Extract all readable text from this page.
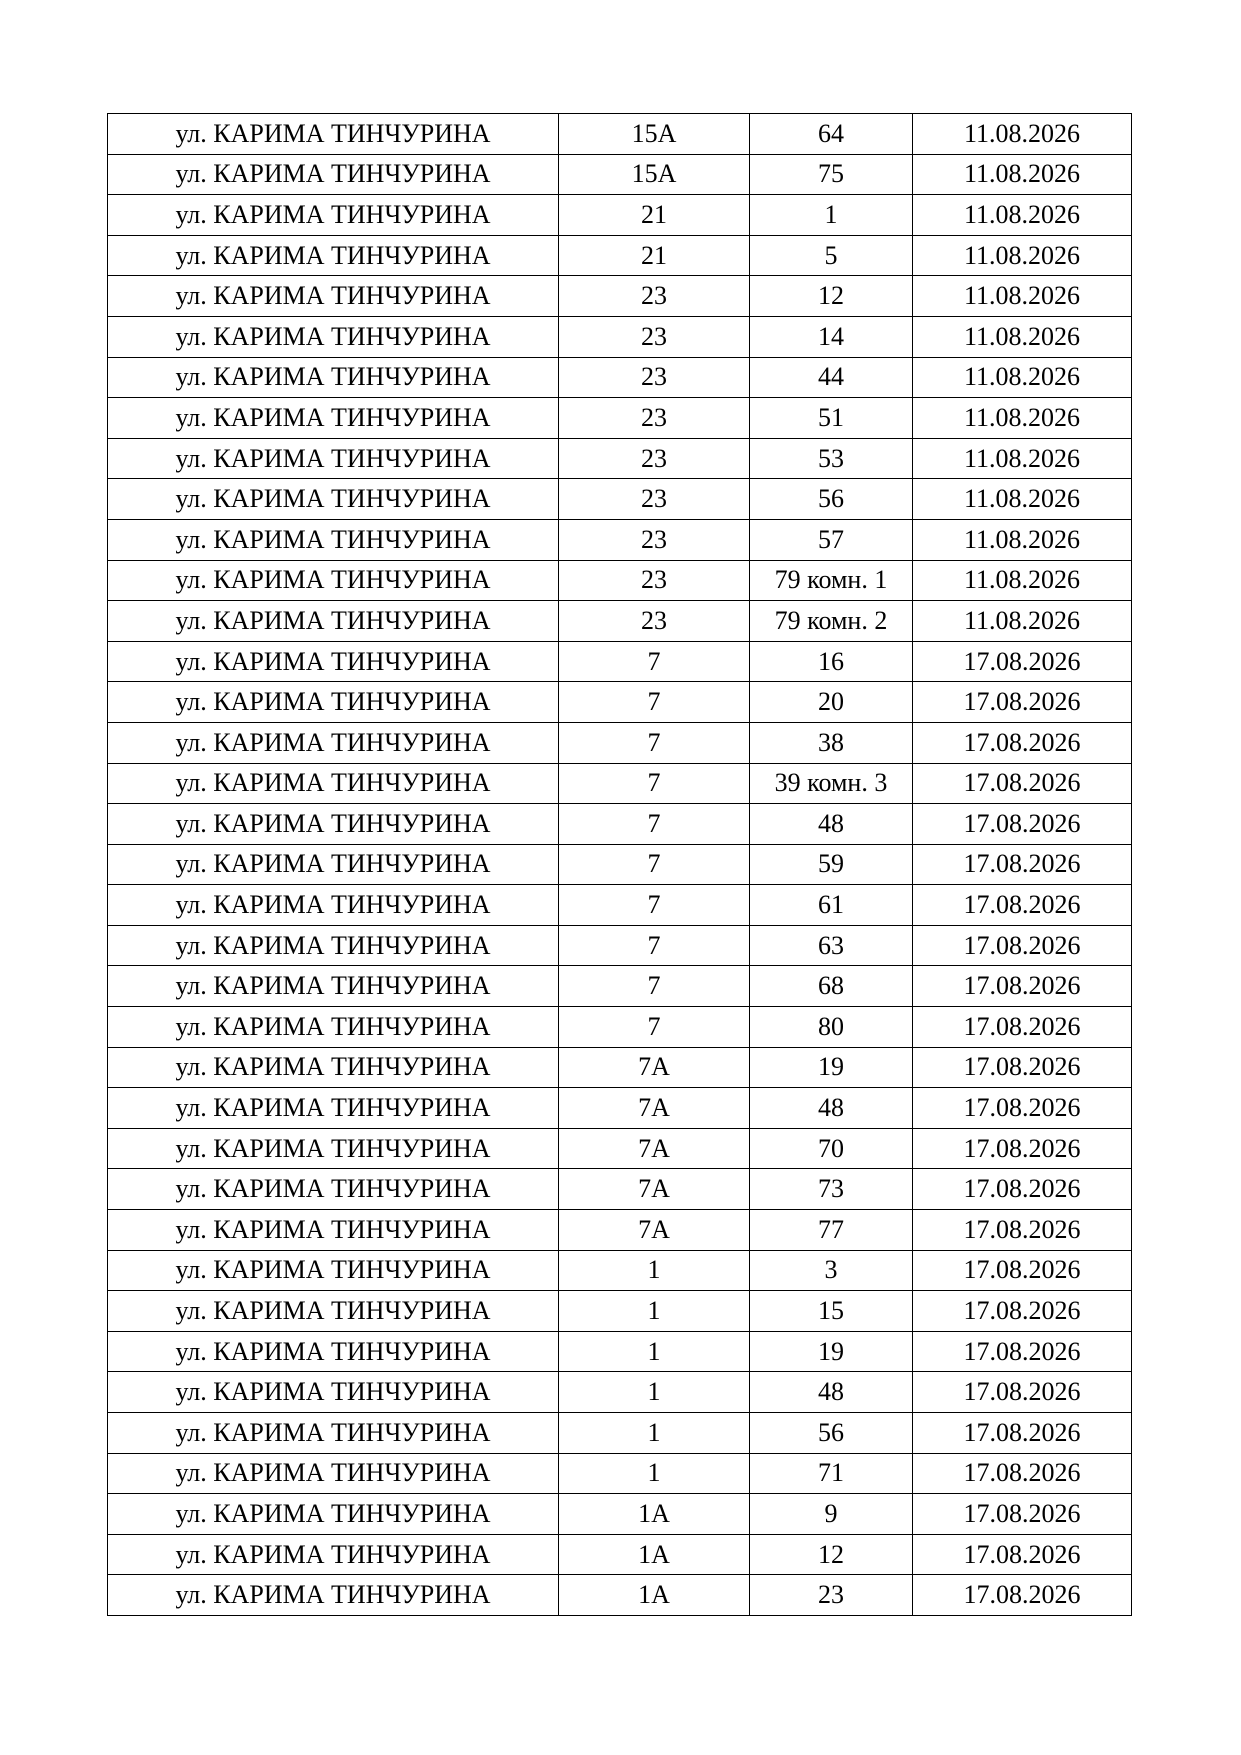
ул. КАРИМА ТИНЧУРИНА	15А	64	11.08.2026
ул. КАРИМА ТИНЧУРИНА	15А	75	11.08.2026
ул. КАРИМА ТИНЧУРИНА	21	1	11.08.2026
ул. КАРИМА ТИНЧУРИНА	21	5	11.08.2026
ул. КАРИМА ТИНЧУРИНА	23	12	11.08.2026
ул. КАРИМА ТИНЧУРИНА	23	14	11.08.2026
ул. КАРИМА ТИНЧУРИНА	23	44	11.08.2026
ул. КАРИМА ТИНЧУРИНА	23	51	11.08.2026
ул. КАРИМА ТИНЧУРИНА	23	53	11.08.2026
ул. КАРИМА ТИНЧУРИНА	23	56	11.08.2026
ул. КАРИМА ТИНЧУРИНА	23	57	11.08.2026
ул. КАРИМА ТИНЧУРИНА	23	79 комн. 1	11.08.2026
ул. КАРИМА ТИНЧУРИНА	23	79 комн. 2	11.08.2026
ул. КАРИМА ТИНЧУРИНА	7	16	17.08.2026
ул. КАРИМА ТИНЧУРИНА	7	20	17.08.2026
ул. КАРИМА ТИНЧУРИНА	7	38	17.08.2026
ул. КАРИМА ТИНЧУРИНА	7	39 комн. 3	17.08.2026
ул. КАРИМА ТИНЧУРИНА	7	48	17.08.2026
ул. КАРИМА ТИНЧУРИНА	7	59	17.08.2026
ул. КАРИМА ТИНЧУРИНА	7	61	17.08.2026
ул. КАРИМА ТИНЧУРИНА	7	63	17.08.2026
ул. КАРИМА ТИНЧУРИНА	7	68	17.08.2026
ул. КАРИМА ТИНЧУРИНА	7	80	17.08.2026
ул. КАРИМА ТИНЧУРИНА	7А	19	17.08.2026
ул. КАРИМА ТИНЧУРИНА	7А	48	17.08.2026
ул. КАРИМА ТИНЧУРИНА	7А	70	17.08.2026
ул. КАРИМА ТИНЧУРИНА	7А	73	17.08.2026
ул. КАРИМА ТИНЧУРИНА	7А	77	17.08.2026
ул. КАРИМА ТИНЧУРИНА	1	3	17.08.2026
ул. КАРИМА ТИНЧУРИНА	1	15	17.08.2026
ул. КАРИМА ТИНЧУРИНА	1	19	17.08.2026
ул. КАРИМА ТИНЧУРИНА	1	48	17.08.2026
ул. КАРИМА ТИНЧУРИНА	1	56	17.08.2026
ул. КАРИМА ТИНЧУРИНА	1	71	17.08.2026
ул. КАРИМА ТИНЧУРИНА	1А	9	17.08.2026
ул. КАРИМА ТИНЧУРИНА	1А	12	17.08.2026
ул. КАРИМА ТИНЧУРИНА	1А	23	17.08.2026
